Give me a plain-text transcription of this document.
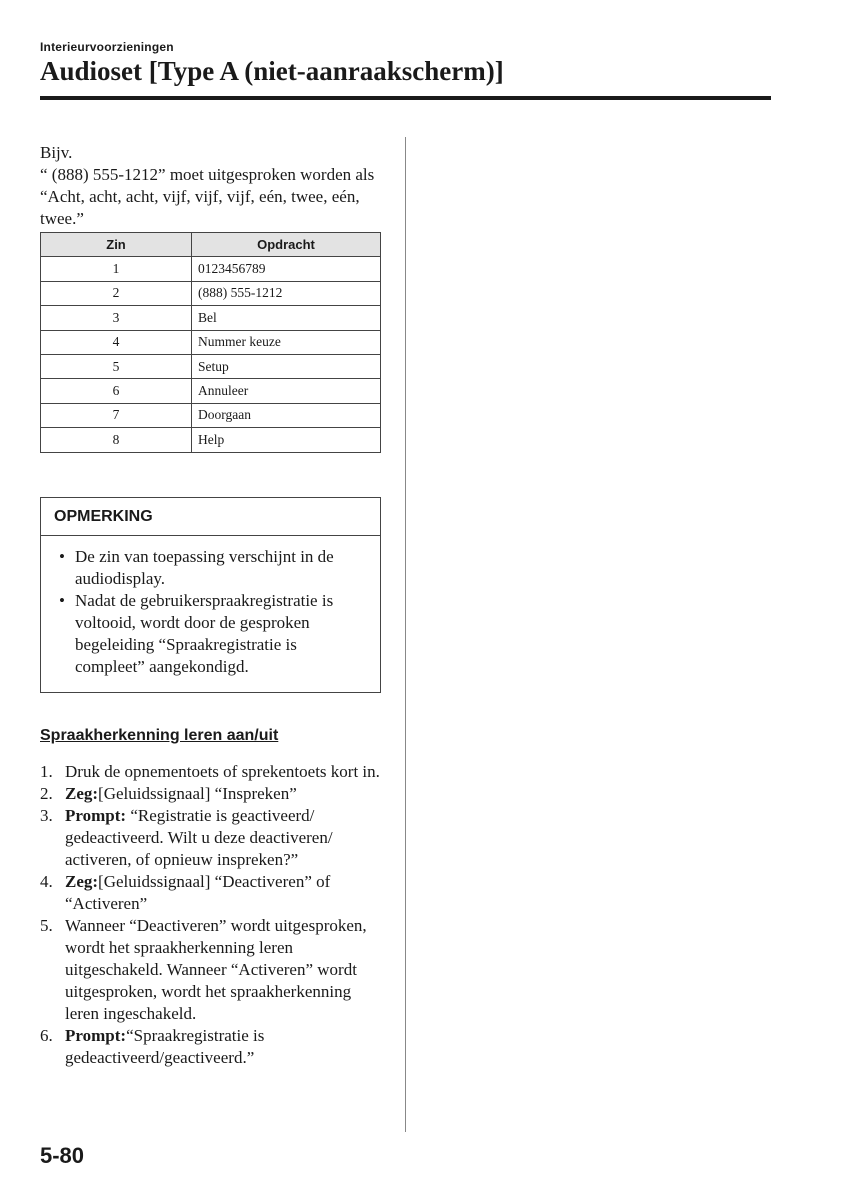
Interieurvoorzieningen
Audioset [Type A (niet-aanraakscherm)]

Bijv.

“ (888) 555-1212” moet uitgesproken worden als “Acht, acht, acht, vijf, vijf, vijf, eén, twee, eén, twee.”

Zin	Opdracht
1	0123456789
2	(888) 555-1212
3	Bel
4	Nummer keuze
5	Setup
6	Annuleer
7	Doorgaan
8	Help
OPMERKING
• De zin van toepassing verschijnt in de audiodisplay.
• Nadat de gebruikerspraakregistratie is voltooid, wordt door de gesproken begeleiding “Spraakregistratie is compleet” aangekondigd.
Spraakherkenning leren aan/uit
1. Druk de opnementoets of sprekentoets kort in.
2. Zeg:[Geluidssignaal] “Inspreken”
3. Prompt: “Registratie is geactiveerd/ gedeactiveerd. Wilt u deze deactiveren/ activeren, of opnieuw inspreken?”
4. Zeg:[Geluidssignaal] “Deactiveren” of “Activeren”
5. Wanneer “Deactiveren” wordt uitgesproken, wordt het spraakherkenning leren uitgeschakeld. Wanneer “Activeren” wordt uitgesproken, wordt het spraakherkenning leren ingeschakeld.
6. Prompt:“Spraakregistratie is gedeactiveerd/geactiveerd.”
5-80
